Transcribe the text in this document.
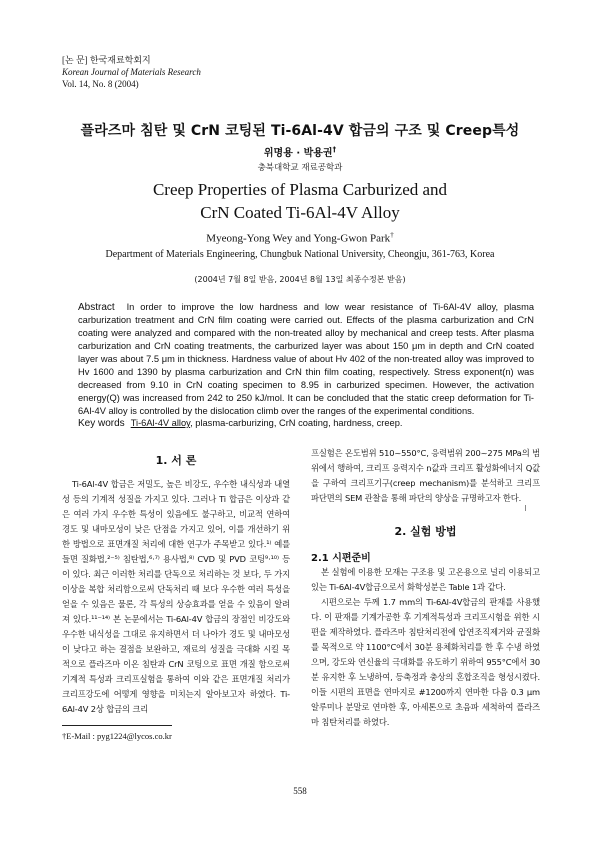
[논 문] 한국재료학회지
Korean Journal of Materials Research
Vol. 14, No. 8 (2004)
플라즈마 침탄 및 CrN 코팅된 Ti-6Al-4V 합금의 구조 및 Creep특성
위명용 · 박용권†
충북대학교 재료공학과
Creep Properties of Plasma Carburized and
CrN Coated Ti-6Al-4V Alloy
Myeong-Yong Wey and Yong-Gwon Park†
Department of Materials Engineering, Chungbuk National University, Cheongju, 361-763, Korea
(2004년 7월 8일 받음, 2004년 8월 13일 최종수정본 받음)
Abstract In order to improve the low hardness and low wear resistance of Ti-6Al-4V alloy, plasma carburization treatment and CrN film coating were carried out. Effects of the plasma carburization and CrN coating were analyzed and compared with the non-treated alloy by mechanical and creep tests. After plasma carburization and CrN coating treatments, the carburized layer was about 150 μm in depth and CrN coated layer was about 7.5 μm in thickness. Hardness value of about Hv 402 of the non-treated alloy was improved to Hv 1600 and 1390 by plasma carburization and CrN thin film coating, respectively. Stress exponent(n) was decreased from 9.10 in CrN coating specimen to 8.95 in carburized specimen. However, the activation energy(Q) was increased from 242 to 250 kJ/mol. It can be concluded that the static creep deformation for Ti-6Al-4V alloy is controlled by the dislocation climb over the ranges of the experimental conditions.
Key words Ti-6Al-4V alloy, plasma-carburizing, CrN coating, hardness, creep.
1. 서 론

Ti-6Al-4V 합금은 저밀도, 높은 비강도, 우수한 내식성과 내열성 등의 기계적 성질을 가지고 있다. 그러나 Ti 합금은 이상과 같은 여러 가지 우수한 특성이 있음에도 불구하고, 비교적 연하여 경도 및 내마모성이 낮은 단점을 가지고 있어, 이를 개선하기 위한 방법으로 표면개질 처리에 대한 연구가 주목받고 있다.¹⁾ 예를 들면 질화법,²⁻⁵⁾ 침탄법,⁶·⁷⁾ 용사법,⁸⁾ CVD 및 PVD 코팅⁹·¹⁰⁾ 등이 있다. 최근 이러한 처리를 단독으로 처리하는 것 보다, 두 가지 이상을 복합 처리함으로써 단독처리 때 보다 우수한 여러 특성을 얻을 수 있음은 물론, 각 특성의 상승효과를 얻을 수 있음이 알려져 있다.¹¹⁻¹⁴⁾ 본 논문에서는 Ti-6Al-4V 합금의 장점인 비강도와 우수한 내식성을 그대로 유지하면서 더 나아가 경도 및 내마모성이 낮다고 하는 결점을 보완하고, 재료의 성질을 극대화 시킬 목적으로 플라즈마 이온 침탄과 CrN 코팅으로 표면 개질 함으로써 기계적 특성과 크리프실험을 통하여 이와 같은 표면개질 처리가 크리프강도에 어떻게 영향을 미치는지 알아보고자 하였다. Ti-6Al-4V 2상 합금의 크리

프실험은 온도범위 510~550°C, 응력범위 200~275 MPa의 범위에서 행하여, 크리프 응력지수 n값과 크리프 활성화에너지 Q값을 구하여 크리프기구(creep mechanism)를 분석하고 크리프 파단면의 SEM 관찰을 통해 파단의 양상을 규명하고자 한다.

2. 실험 방법
2.1 시편준비

본 실험에 이용한 모재는 구조용 및 고온용으로 널리 이용되고 있는 Ti-6Al-4V합금으로서 화학성분은 Table 1과 같다.

시편으로는 두께 1.7 mm의 Ti-6Al-4V합금의 판재를 사용했다. 이 판재를 기계가공한 후 기계적특성과 크리프시험을 위한 시편을 제작하였다. 플라즈마 침탄처리전에 압연조직제거와 균질화를 목적으로 약 1100°C에서 30분 용체화처리를 한 후 수냉 하였으며, 강도와 연신율의 극대화를 유도하기 위하여 955°C에서 30분 유지한 후 노냉하여, 등축정과 충상의 혼합조직을 형성시켰다. 이들 시편의 표면을 연마지로 #1200까지 연마한 다음 0.3 μm 알루미나 분말로 연마한 후, 아세톤으로 초음파 세척하여 플라즈마 침탄처리를 하였다.

†E-Mail : pyg1224@lycos.co.kr
558
